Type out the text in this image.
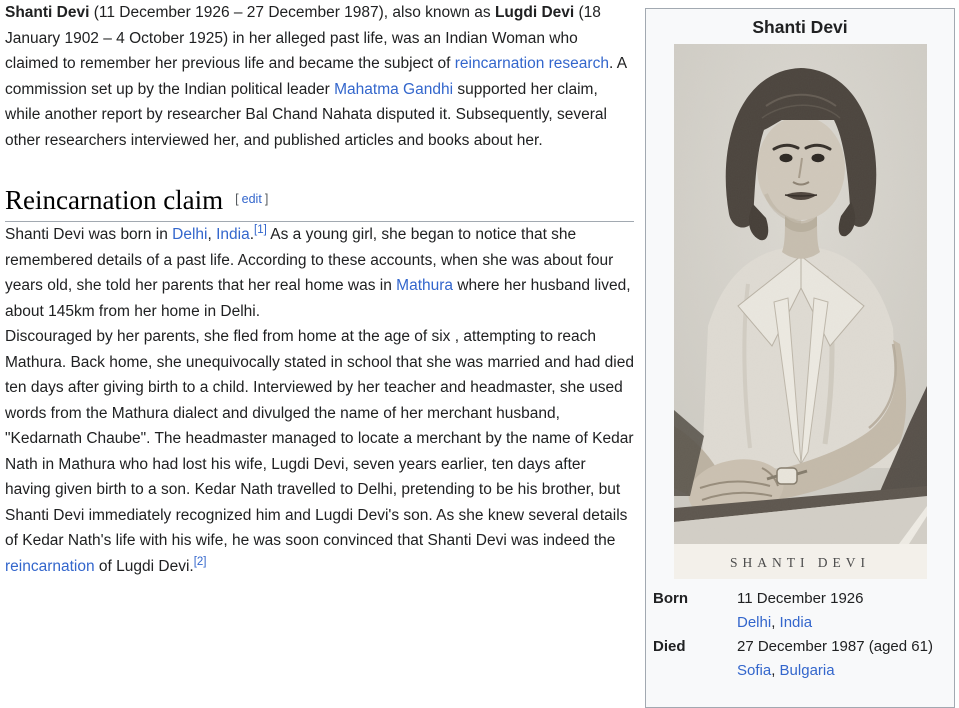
Shanti Devi (11 December 1926 – 27 December 1987), also known as Lugdi Devi (18 January 1902 – 4 October 1925) in her alleged past life, was an Indian Woman who claimed to remember her previous life and became the subject of reincarnation research. A commission set up by the Indian political leader Mahatma Gandhi supported her claim, while another report by researcher Bal Chand Nahata disputed it. Subsequently, several other researchers interviewed her, and published articles and books about her.

Reincarnation claim [ edit ]

Shanti Devi was born in Delhi, India.[1] As a young girl, she began to notice that she remembered details of a past life. According to these accounts, when she was about four years old, she told her parents that her real home was in Mathura where her husband lived, about 145km from her home in Delhi.

Discouraged by her parents, she fled from home at the age of six , attempting to reach Mathura. Back home, she unequivocally stated in school that she was married and had died ten days after giving birth to a child. Interviewed by her teacher and headmaster, she used words from the Mathura dialect and divulged the name of her merchant husband, "Kedarnath Chaube". The headmaster managed to locate a merchant by the name of Kedar Nath in Mathura who had lost his wife, Lugdi Devi, seven years earlier, ten days after having given birth to a son. Kedar Nath travelled to Delhi, pretending to be his brother, but Shanti Devi immediately recognized him and Lugdi Devi's son. As she knew several details of Kedar Nath's life with his wife, he was soon convinced that Shanti Devi was indeed the reincarnation of Lugdi Devi.[2]

Shanti Devi
SHANTI DEVI
Born	11 December 1926
Delhi, India
Died	27 December 1987 (aged 61)
Sofia, Bulgaria
